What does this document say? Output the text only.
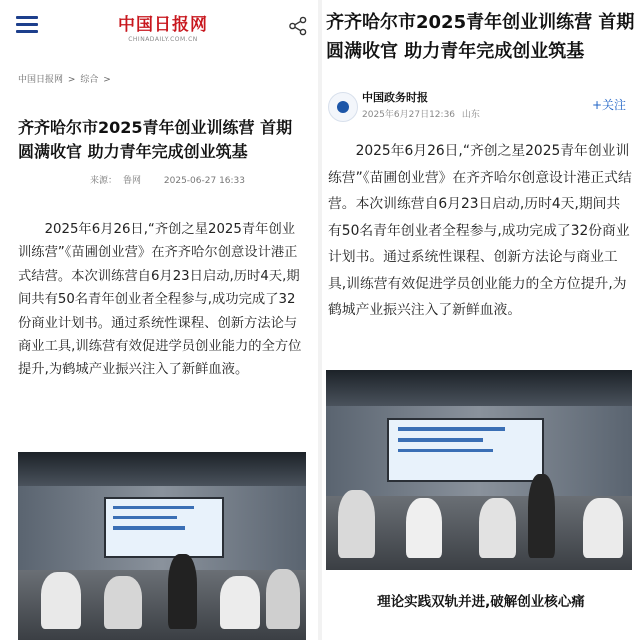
中国日报网
CHINADAILY.COM.CN
中国日报网 > 综合 >
齐齐哈尔市2025青年创业训练营 首期圆满收官 助力青年完成创业筑基
来源： 鲁网	2025-06-27 16:33

2025年6月26日,“齐创之星2025青年创业训练营”《苗圃创业营》在齐齐哈尔创意设计港正式结营。本次训练营自6月23日启动,历时4天,期间共有50名青年创业者全程参与,成功完成了32份商业计划书。通过系统性课程、创新方法论与商业工具,训练营有效促进学员创业能力的全方位提升,为鹤城产业振兴注入了新鲜血液。

齐齐哈尔市2025青年创业训练营 首期圆满收官 助力青年完成创业筑基
中国政务时报
2025年6月27日12:36 山东
+关注

2025年6月26日,“齐创之星2025青年创业训练营”《苗圃创业营》在齐齐哈尔创意设计港正式结营。本次训练营自6月23日启动,历时4天,期间共有50名青年创业者全程参与,成功完成了32份商业计划书。通过系统性课程、创新方法论与商业工具,训练营有效促进学员创业能力的全方位提升,为鹤城产业振兴注入了新鲜血液。

理论实践双轨并进,破解创业核心痛
